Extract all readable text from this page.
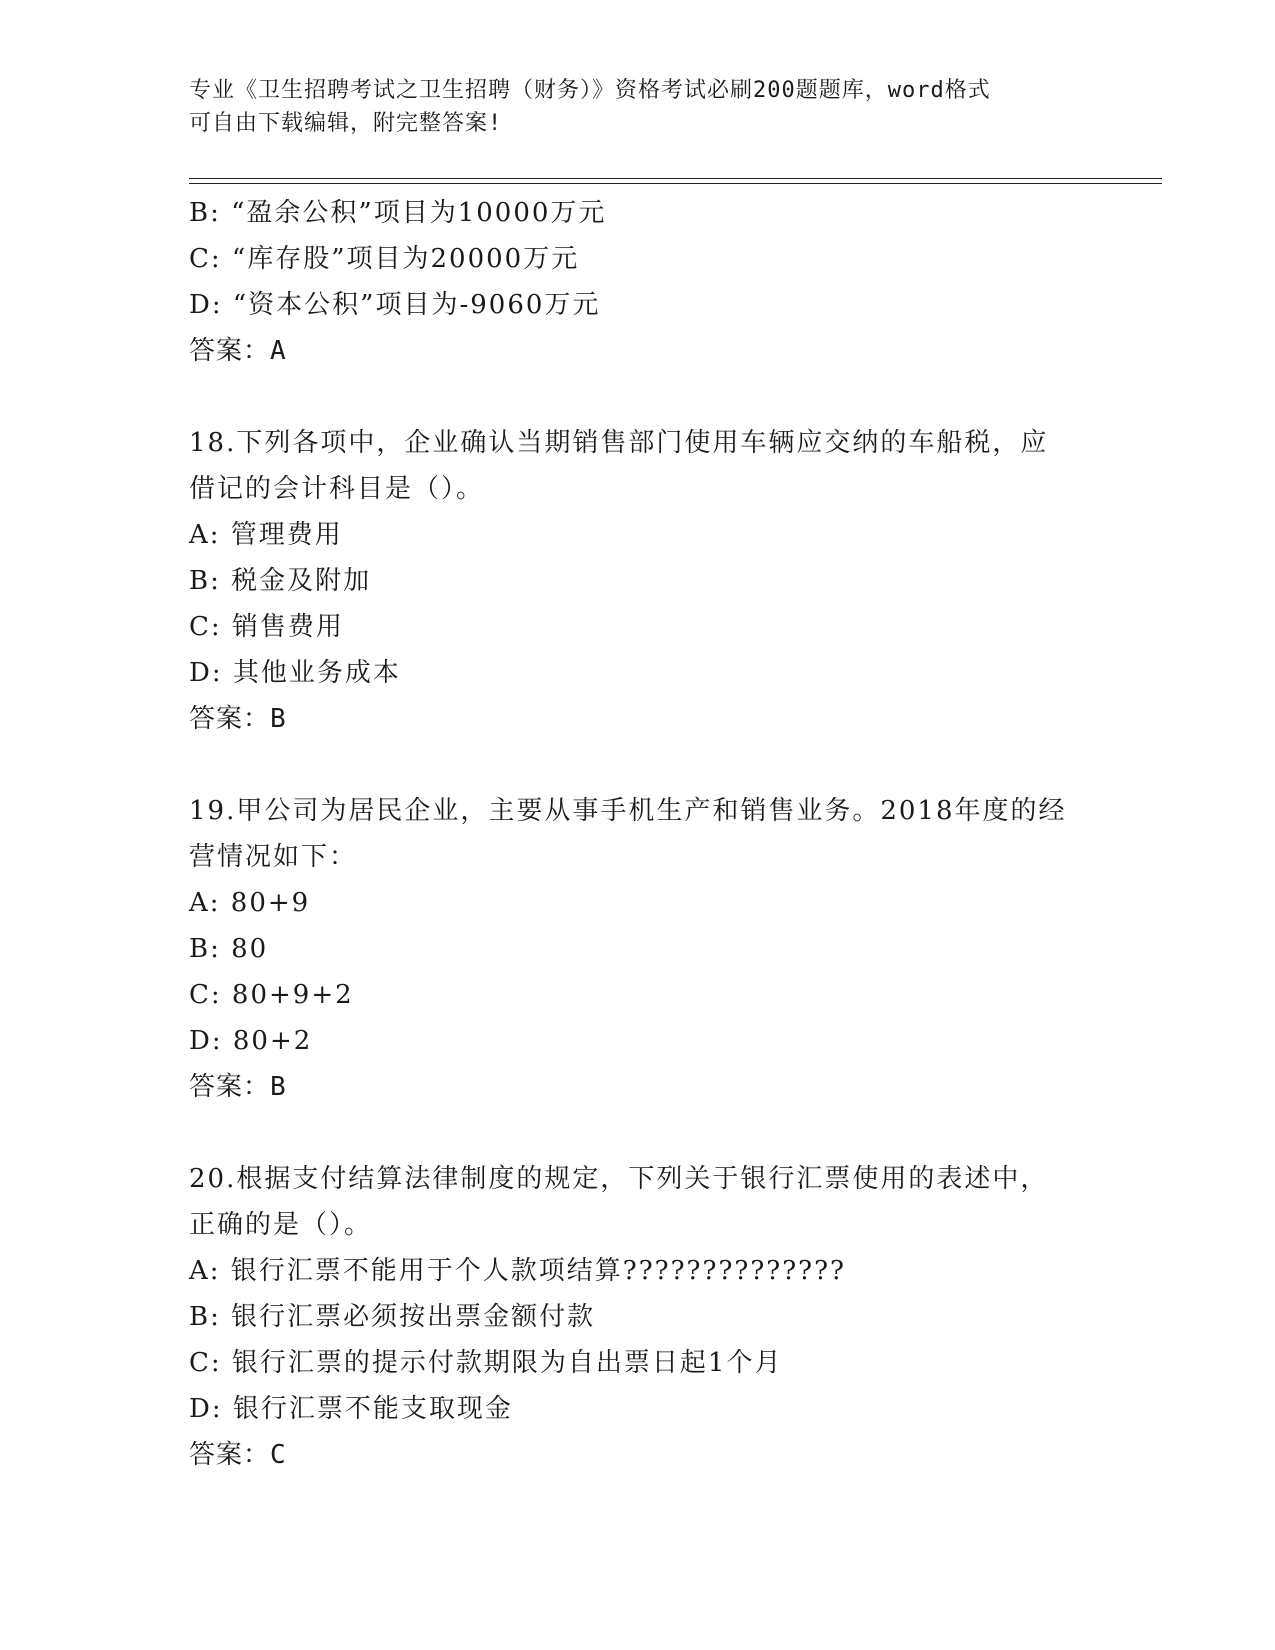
专业《卫生招聘考试之卫生招聘（财务）》资格考试必刷200题题库，word格式
可自由下载编辑，附完整答案!
B: “盈余公积”项目为10000万元
C: “库存股”项目为20000万元
D: “资本公积”项目为-9060万元
答案：A
18.下列各项中，企业确认当期销售部门使用车辆应交纳的车船税，应
借记的会计科目是（）。
A: 管理费用
B: 税金及附加
C: 销售费用
D: 其他业务成本
答案：B
19.甲公司为居民企业，主要从事手机生产和销售业务。2018年度的经
营情况如下：
A: 80+9
B: 80
C: 80+9+2
D: 80+2
答案：B
20.根据支付结算法律制度的规定，下列关于银行汇票使用的表述中，
正确的是（）。
A: 银行汇票不能用于个人款项结算??????????????
B: 银行汇票必须按出票金额付款
C: 银行汇票的提示付款期限为自出票日起1个月
D: 银行汇票不能支取现金
答案：C
